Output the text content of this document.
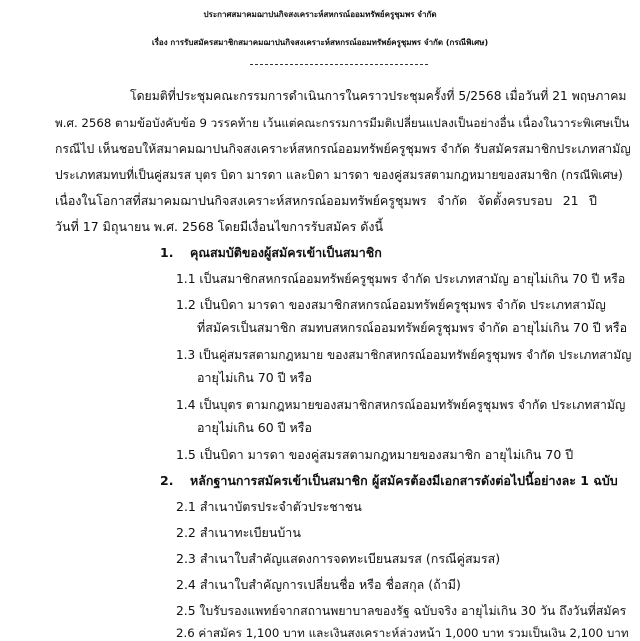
ประกาศสมาคมฌาปนกิจสงเคราะห์สหกรณ์ออมทรัพย์ครูชุมพร จำกัด
เรื่อง การรับสมัครสมาชิกสมาคมฌาปนกิจสงเคราะห์สหกรณ์ออมทรัพย์ครูชุมพร จำกัด (กรณีพิเศษ)
โดยมติที่ประชุมคณะกรรมการดำเนินการในคราวประชุมครั้งที่ 5/2568 เมื่อวันที่ 21 พฤษภาคม
พ.ศ. 2568 ตามข้อบังคับข้อ 9 วรรคท้าย เว้นแต่คณะกรรมการมีมติเปลี่ยนแปลงเป็นอย่างอื่น เนื่องในวาระพิเศษเป็น
กรณีไป เห็นชอบให้สมาคมฌาปนกิจสงเคราะห์สหกรณ์ออมทรัพย์ครูชุมพร จำกัด รับสมัครสมาชิกประเภทสามัญ
ประเภทสมทบที่เป็นคู่สมรส บุตร บิดา มารดา และบิดา มารดา ของคู่สมรสตามกฎหมายของสมาชิก (กรณีพิเศษ)
เนื่องในโอกาสที่สมาคมฌาปนกิจสงเคราะห์สหกรณ์ออมทรัพย์ครูชุมพร จำกัด จัดตั้งครบรอบ 21 ปี
วันที่ 17 มิถุนายน พ.ศ. 2568 โดยมีเงื่อนไขการรับสมัคร ดังนี้
1. คุณสมบัติของผู้สมัครเข้าเป็นสมาชิก
1.1 เป็นสมาชิกสหกรณ์ออมทรัพย์ครูชุมพร จำกัด ประเภทสามัญ อายุไม่เกิน 70 ปี หรือ
1.2 เป็นบิดา มารดา ของสมาชิกสหกรณ์ออมทรัพย์ครูชุมพร จำกัด ประเภทสามัญ
ที่สมัครเป็นสมาชิก สมทบสหกรณ์ออมทรัพย์ครูชุมพร จำกัด อายุไม่เกิน 70 ปี หรือ
1.3 เป็นคู่สมรสตามกฎหมาย ของสมาชิกสหกรณ์ออมทรัพย์ครูชุมพร จำกัด ประเภทสามัญ
อายุไม่เกิน 70 ปี หรือ
1.4 เป็นบุตร ตามกฎหมายของสมาชิกสหกรณ์ออมทรัพย์ครูชุมพร จำกัด ประเภทสามัญ
อายุไม่เกิน 60 ปี หรือ
1.5 เป็นบิดา มารดา ของคู่สมรสตามกฎหมายของสมาชิก อายุไม่เกิน 70 ปี
2. หลักฐานการสมัครเข้าเป็นสมาชิก ผู้สมัครต้องมีเอกสารดังต่อไปนี้อย่างละ 1 ฉบับ
2.1 สำเนาบัตรประจำตัวประชาชน
2.2 สำเนาทะเบียนบ้าน
2.3 สำเนาใบสำคัญแสดงการจดทะเบียนสมรส (กรณีคู่สมรส)
2.4 สำเนาใบสำคัญการเปลี่ยนชื่อ หรือ ชื่อสกุล (ถ้ามี)
2.5 ใบรับรองแพทย์จากสถานพยาบาลของรัฐ ฉบับจริง อายุไม่เกิน 30 วัน ถึงวันที่สมัคร
2.6 ค่าสมัคร 1,100 บาท และเงินสงเคราะห์ล่วงหน้า 1,000 บาท รวมเป็นเงิน 2,100 บาท
